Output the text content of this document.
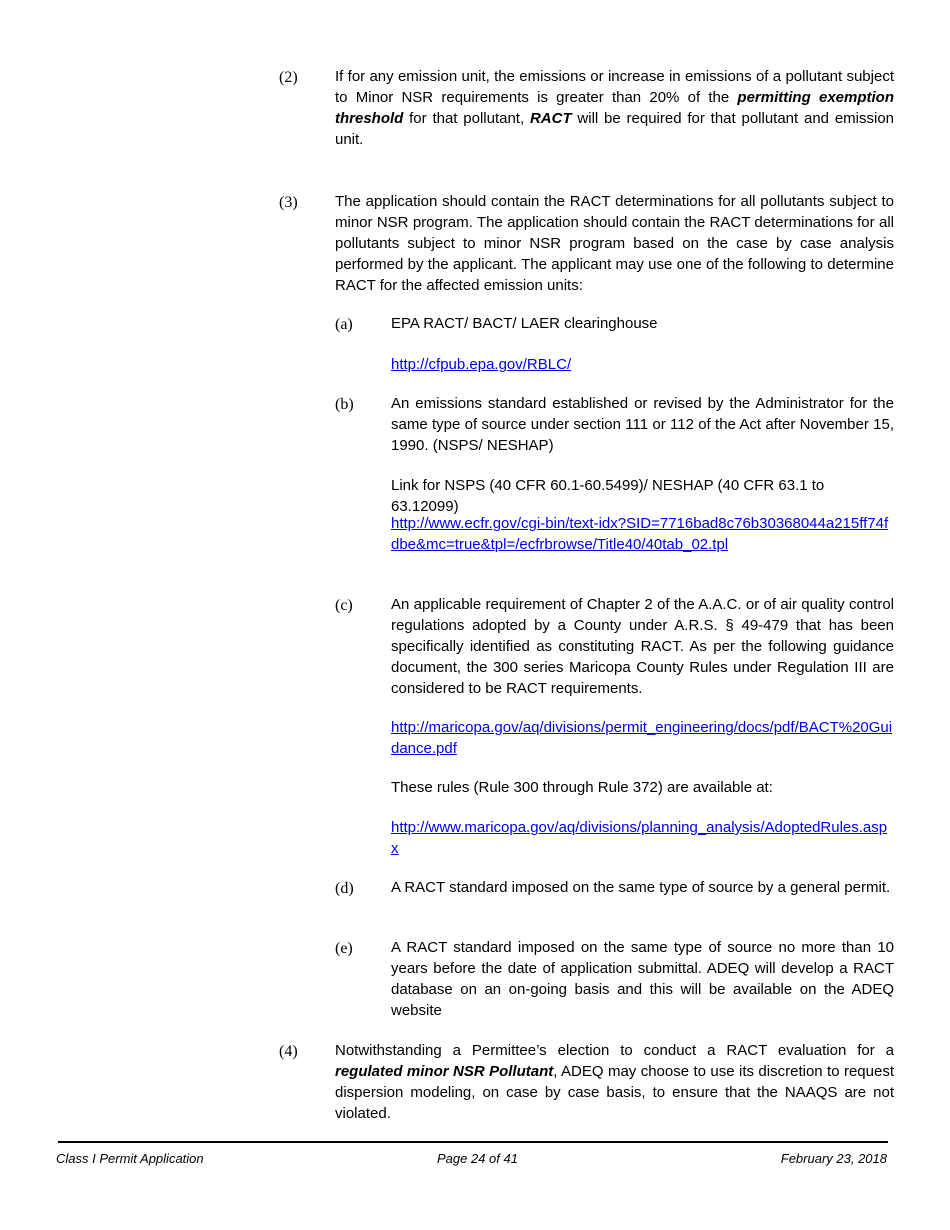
(2) If for any emission unit, the emissions or increase in emissions of a pollutant subject to Minor NSR requirements is greater than 20% of the permitting exemption threshold for that pollutant, RACT will be required for that pollutant and emission unit.
(3) The application should contain the RACT determinations for all pollutants subject to minor NSR program. The application should contain the RACT determinations for all pollutants subject to minor NSR program based on the case by case analysis performed by the applicant. The applicant may use one of the following to determine RACT for the affected emission units:
(a)	EPA RACT/ BACT/ LAER clearinghouse
http://cfpub.epa.gov/RBLC/
(b) An emissions standard established or revised by the Administrator for the same type of source under section 111 or 112 of the Act after November 15, 1990. (NSPS/ NESHAP)
Link for NSPS (40 CFR 60.1-60.5499)/ NESHAP (40 CFR 63.1 to 63.12099)
http://www.ecfr.gov/cgi-bin/text-idx?SID=7716bad8c76b30368044a215ff74fdbe&mc=true&tpl=/ecfrbrowse/Title40/40tab_02.tpl
(c)	An applicable requirement of Chapter 2 of the A.A.C. or of air quality control regulations adopted by a County under A.R.S. § 49-479 that has been specifically identified as constituting RACT. As per the following guidance document, the 300 series Maricopa County Rules under Regulation III are considered to be RACT requirements.
http://maricopa.gov/aq/divisions/permit_engineering/docs/pdf/BACT%20Guidance.pdf
These rules (Rule 300 through Rule 372) are available at:
http://www.maricopa.gov/aq/divisions/planning_analysis/AdoptedRules.aspx
(d) A RACT standard imposed on the same type of source by a general permit.
(e)	A RACT standard imposed on the same type of source no more than 10 years before the date of application submittal. ADEQ will develop a RACT database on an on-going basis and this will be available on the ADEQ website
(4) Notwithstanding a Permittee’s election to conduct a RACT evaluation for a regulated minor NSR Pollutant, ADEQ may choose to use its discretion to request dispersion modeling, on case by case basis, to ensure that the NAAQS are not violated.
Class I Permit Application	Page 24 of 41	February 23, 2018
